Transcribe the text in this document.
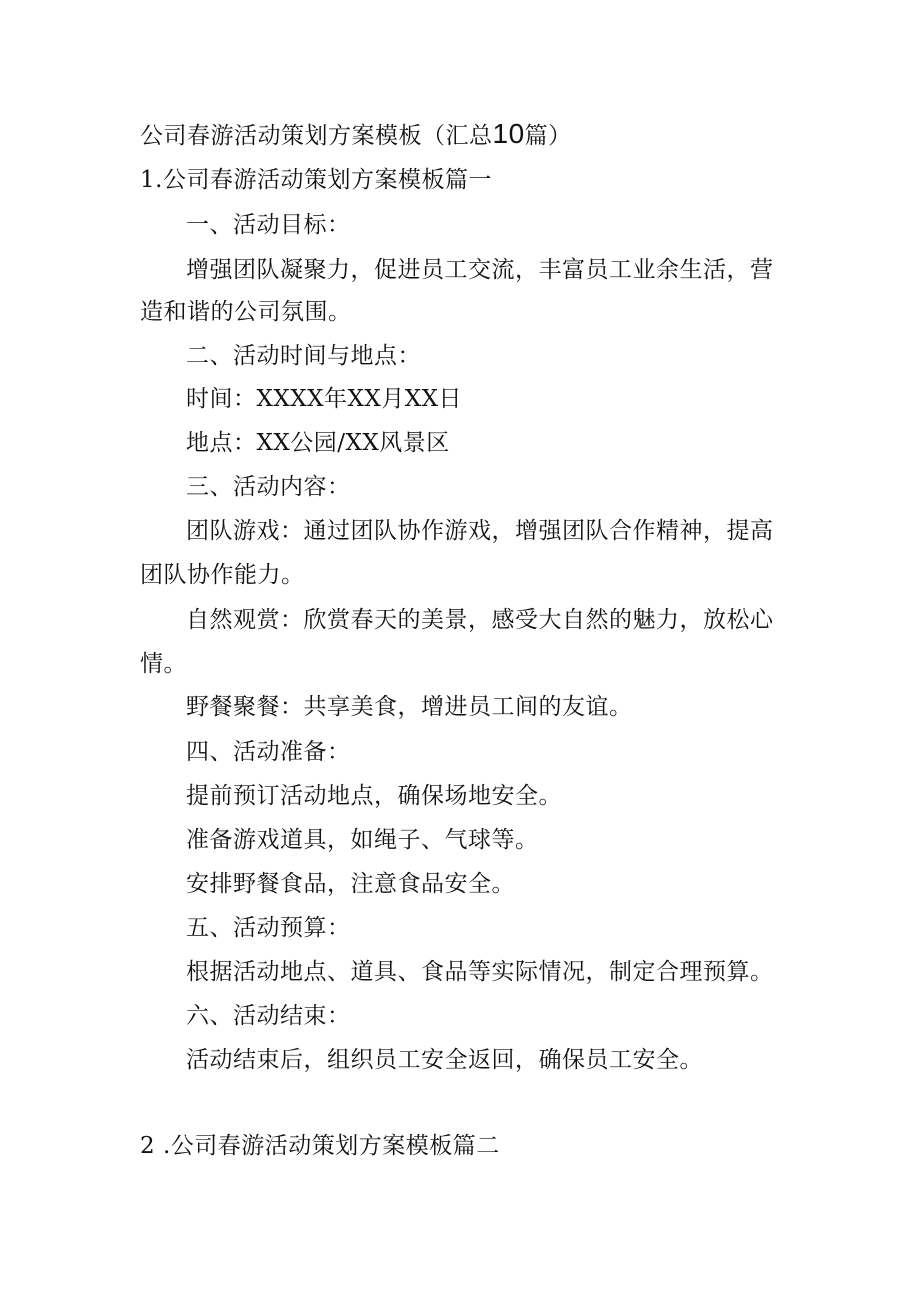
公司春游活动策划方案模板（汇总10篇）
1.公司春游活动策划方案模板篇一
一、活动目标：
增强团队凝聚力，促进员工交流，丰富员工业余生活，营
造和谐的公司氛围。
二、活动时间与地点：
时间：XXXX年XX月XX日
地点：XX公园/XX风景区
三、活动内容：
团队游戏：通过团队协作游戏，增强团队合作精神，提高
团队协作能力。
自然观赏：欣赏春天的美景，感受大自然的魅力，放松心
情。
野餐聚餐：共享美食，增进员工间的友谊。
四、活动准备：
提前预订活动地点，确保场地安全。
准备游戏道具，如绳子、气球等。
安排野餐食品，注意食品安全。
五、活动预算：
根据活动地点、道具、食品等实际情况，制定合理预算。
六、活动结束：
活动结束后，组织员工安全返回，确保员工安全。
2 .公司春游活动策划方案模板篇二
